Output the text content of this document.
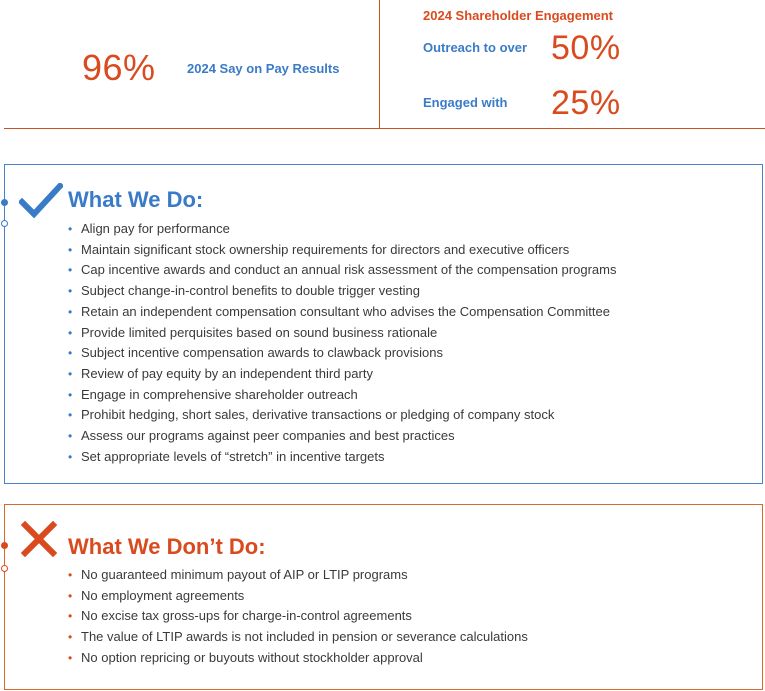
96% 2024 Say on Pay Results
2024 Shareholder Engagement
Outreach to over 50%
Engaged with 25%
What We Do:
• Align pay for performance
• Maintain significant stock ownership requirements for directors and executive officers
• Cap incentive awards and conduct an annual risk assessment of the compensation programs
• Subject change-in-control benefits to double trigger vesting
• Retain an independent compensation consultant who advises the Compensation Committee
• Provide limited perquisites based on sound business rationale
• Subject incentive compensation awards to clawback provisions
• Review of pay equity by an independent third party
• Engage in comprehensive shareholder outreach
• Prohibit hedging, short sales, derivative transactions or pledging of company stock
• Assess our programs against peer companies and best practices
• Set appropriate levels of “stretch” in incentive targets
What We Don’t Do:
• No guaranteed minimum payout of AIP or LTIP programs
• No employment agreements
• No excise tax gross-ups for charge-in-control agreements
• The value of LTIP awards is not included in pension or severance calculations
• No option repricing or buyouts without stockholder approval
